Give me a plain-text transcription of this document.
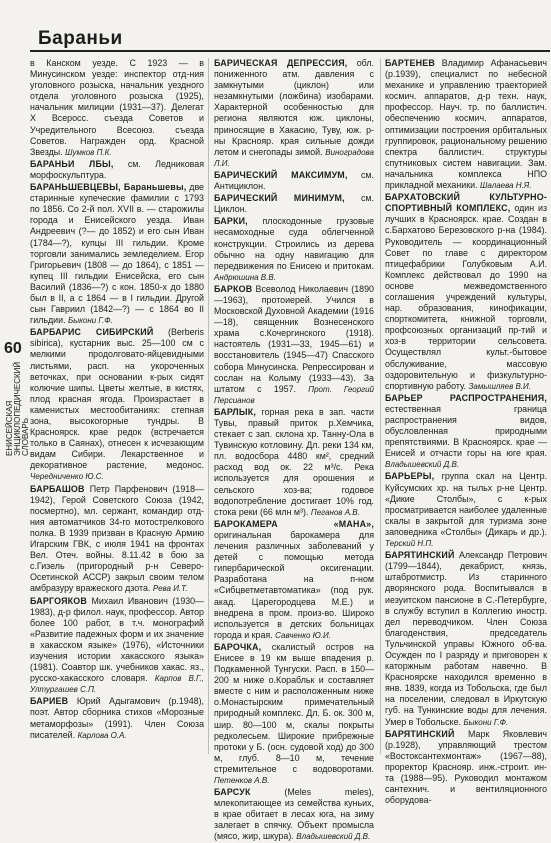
Бараньи
60
ЕНИСЕЙСКАЯ ЭНЦИКЛОПЕДИЧЕСКИЙ СЛОВАРЬ

в Канском уезде. С 1923 — в Минусинском уезде: инспектор отд-ния уголовного розыска, начальник уездного отдела уголовного розыска (1925), начальник милиции (1931—37). Делегат X Всеросс. съезда Советов и Учредительного Всесоюз. съезда Советов. Награжден орд. Красной Звезды. Шумков П.К.

БАРАНЬИ ЛБЫ, см. Ледниковая морфоскульптура.

БАРАНЬШЕВЦЕВЫ, Бараньшевы, две старинные купеческие фамилии с 1793 по 1856. Со 2-й пол. XVII в. — старожилы города и Енисейского уезда. Иван Андреевич (?— до 1852) и его сын Иван (1784—?), купцы III гильдии. Кроме торговли занимались земледелием. Егор Григорьевич (1808 — до 1864), с 1851 — купец III гильдии Енисейска, его сын Василий (1836—?) с кон. 1850-х до 1880 был в II, а с 1864 — в I гильдии. Другой сын Гавриил (1842—?) — с 1864 во II гильдии. Быкони Г.Ф.

БАРБАРИС СИБИРСКИЙ (Berberis sibirica), кустарник выс. 25—100 см с мелкими продолговато-яйцевидными листьями, расп. на укороченных веточках, при основании к-рых сидят колючие шипы. Цветы желтые, в кистях, плод красная ягода. Произрастает в каменистых местообитаниях: степная зона, высокогорные тундры. В Красноярск. крае редок (встречается только в Саянах), отнесен к исчезающим видам Сибири. Лекарственное и декоративное растение, медонос. Чередниченко Ю.С.

БАРБАШОВ Петр Парфенович (1918—1942), Герой Советского Союза (1942, посмертно), мл. сержант, командир отд-ния автоматчиков 34-го мотострелкового полка. В 1939 призван в Красную Армию Игарским ГВК, с июля 1941 на фронтах Вел. Отеч. войны. 8.11.42 в бою за с.Гизель (пригородный р-н Северо-Осетинской АССР) закрыл своим телом амбразуру вражеского дзота. Рева И.Т.

БАРГОЯКОВ Михаил Иванович (1930—1983), д-р филол. наук, профессор. Автор более 100 работ, в т.ч. монографий «Развитие падежных форм и их значение в хакасском языке» (1976), «Источники изучения истории хакасского языка» (1981). Соавтор шк. учебников хакас. яз., русско-хакасского словаря. Карпов В.Г., Ултургашев С.П.

БАРИЕВ Юрий Адыгамович (р.1948), поэт. Автор сборника стихов «Морозные метаморфозы» (1991). Член Союза писателей. Карлова О.А.

БАРИЧЕСКАЯ ДЕПРЕССИЯ, обл. пониженного атм. давления с замкнутыми (циклон) или незамкнутыми (ложбина) изобарами. Характерной особенностью для региона являются юж. циклоны, приносящие в Хакасию, Туву, юж. р-ны Краснояр. края сильные дожди летом и снегопады зимой. Виноградова Л.И.

БАРИЧЕСКИЙ МАКСИМУМ, см. Антициклон.

БАРИЧЕСКИЙ МИНИМУМ, см. Циклон.

БАРКИ, плоскодонные грузовые несамоходные суда облегченной конструкции. Строились из дерева обычно на одну навигацию для передвижения по Енисею и притокам. Андрюшина В.В.

БАРКОВ Всеволод Николаевич (1890—1963), протоиерей. Учился в Московской Духовной Академии (1916—18), священник Вознесенского храма с.Кочергинского (1918). настоятель (1931—33, 1945—61) и восстановитель (1945—47) Спасского собора Минусинска. Репрессирован и сослан на Колыму (1933—43). За штатом с 1957. Прот. Георгий Персианов

БАРЛЫК, горная река в зап. части Тувы, правый приток р.Хемчика, стекает с зап. склона хр. Танну-Ола в Тувинскую котловину. Дл. реки 134 км, пл. водосбора 4480 км², средний расход вод ок. 22 м³/с. Река используется для орошения и сельского хоз-ва; годовое водопотребление достигает 10% год. стока реки (66 млн м³). Пеганов А.В.

БАРОКАМЕРА «МАНА», оригинальная барокамера для лечения различных заболеваний у детей с помощью метода гипербарической оксигенации. Разработана на п-ном «Сибцветметавтоматика» (под рук. акад. Царегородцева М.Е.) и внедрена в пром. произ-во. Широко используется в детских больницах города и края. Савченко Ю.И.

БАРОЧКА, скалистый остров на Енисее в 19 км выше впадения р. Подкаменной Тунгуски. Расп. в 150—200 м ниже о.Корабльк и составляет вместе с ним и расположенным ниже о.Монастырским примечательный природный комплекс. Дл. Б. ок. 300 м, шир. 80—100 м, скалы покрыты редколесьем. Широкие прибрежные протоки у Б. (осн. судовой ход) до 300 м, глуб. 8—10 м, течение стремительное с водоворотами. Петенков А.В.

БАРСУК	(Meles meles), млекопитающее из семейства куньих, в крае обитает в лесах юга, на зиму залегает в спячку. Объект промысла (мясо, жир, шкура). Владышевский Д.В.

БАРТЕНЕВ Владимир Афанасьевич (р.1939), специалист по небесной механике и управлению траекторией космич. аппаратов, д-р техн. наук, профессор. Науч. тр. по баллистич. обеспечению космич. аппаратов, оптимизации построения орбитальных группировок, рациональному решению спектра баллистич. структуры спутниковых систем навигации. Зам. начальника комплекса НПО прикладной механики. Шалаева Н.Я.

БАРХАТОВСКИЙ КУЛЬТУРНО-СПОРТИВНЫЙ КОМПЛЕКС, один из лучших в Красноярск. крае. Создан в с.Бархатово Березовского р-на (1984). Руководитель — координационный Совет по главе с директором птицефабрики Голубковым А.И. Комплекс действовал до 1990 на основе межведомственного соглашения учреждений культуры, нар. образования, кинофикации, спорткомитета, книжной торговли, профсоюзных организаций пр-тий и хоз-в территории сельсовета. Осуществлял культ.-бытовое обслуживание, массовую оздоровительную и физкультурно-спортивную работу. Замышляев В.И.

БАРЬЕР РАСПРОСТРАНЕНИЯ, естественная граница распространения видов, обусловленная природными препятствиями. В Красноярск. крае — Енисей и отчасти горы на юге края. Владышевский Д.В.

БАРЬЕРЫ, группа скал на Центр. Куйсумских хр. на тыльх р-не Центр. «Дикие Столбы», с к-рых просматривается наиболее удаленные скалы в закрытой для туризма зоне заповедника «Столбы» (Дикарь и др.). Терский Н.П.

БАРЯТИНСКИЙ Александр Петрович (1799—1844), декабрист, князь, штабротмистр. Из старинного дворянского рода. Воспитывался в иезуитском пансионе в С.-Петербурге, в службу вступил в Коллегию иностр. дел переводчиком. Член Союза благоденствия, председатель Тульчинской управы Южного об-ва. Осужден по I разряду и приговорен к каторжным работам навечно. В Красноярске находился временно в янв. 1839, когда из Тобольска, где был на поселении, следовал в Иркутскую губ. на Тункинские воды для лечения. Умер в Тобольске. Быкони Г.Ф.

БАРЯТИНСКИЙ Марк Яковлевич (р.1928), управляющий трестом «Востоксантехмонтаж» (1967—88), проректор Краснояр. инж.-строит. ин-та (1988—95). Руководил монтажом сантехнич. и вентиляционного оборудова-
